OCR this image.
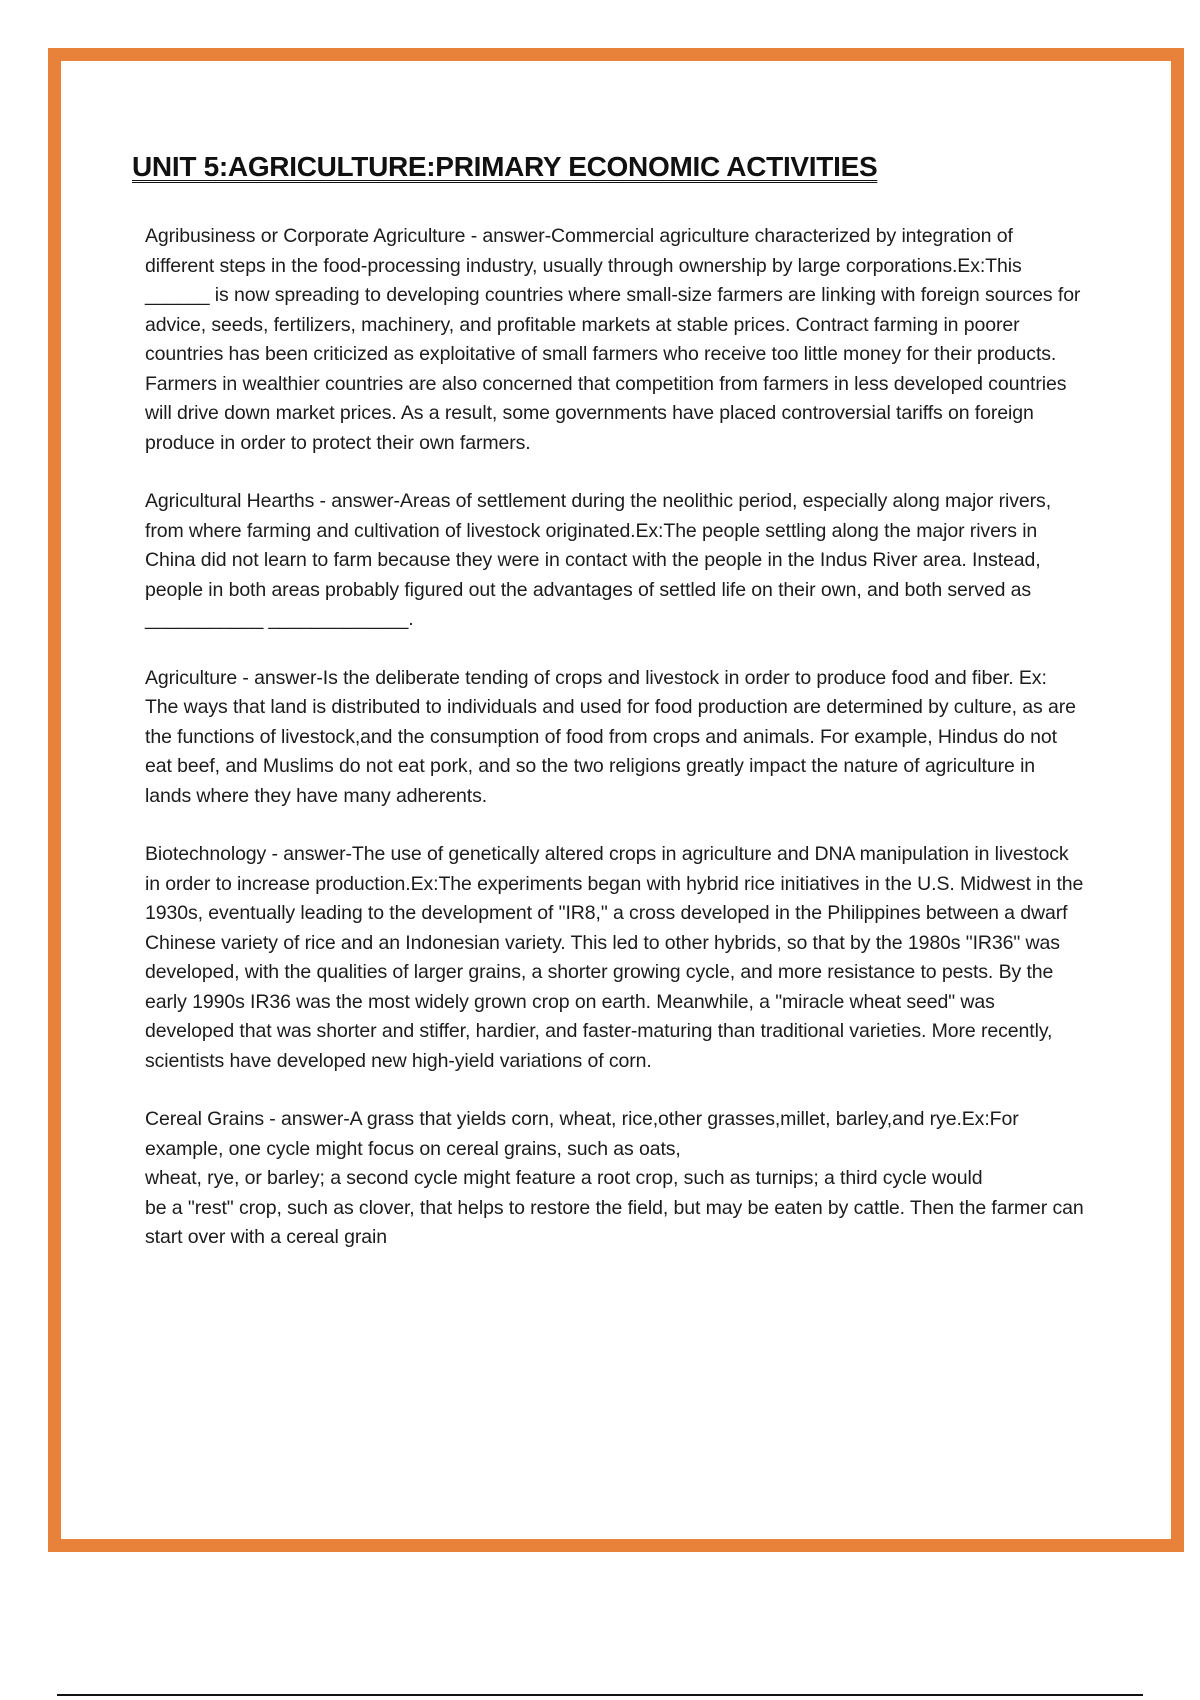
UNIT 5:AGRICULTURE:PRIMARY ECONOMIC ACTIVITIES

Agribusiness or Corporate Agriculture - answer-Commercial agriculture characterized by integration of different steps in the food-processing industry, usually through ownership by large corporations.Ex:This ______ is now spreading to developing countries where small-size farmers are linking with foreign sources for advice, seeds, fertilizers, machinery, and profitable markets at stable prices. Contract farming in poorer countries has been criticized as exploitative of small farmers who receive too little money for their products. Farmers in wealthier countries are also concerned that competition from farmers in less developed countries will drive down market prices. As a result, some governments have placed controversial tariffs on foreign produce in order to protect their own farmers.

Agricultural Hearths - answer-Areas of settlement during the neolithic period, especially along major rivers, from where farming and cultivation of livestock originated.Ex:The people settling along the major rivers in China did not learn to farm because they were in contact with the people in the Indus River area. Instead, people in both areas probably figured out the advantages of settled life on their own, and both served as ___________ _____________.

Agriculture - answer-Is the deliberate tending of crops and livestock in order to produce food and fiber. Ex: The ways that land is distributed to individuals and used for food production are determined by culture, as are the functions of livestock,and the consumption of food from crops and animals. For example, Hindus do not eat beef, and Muslims do not eat pork, and so the two religions greatly impact the nature of agriculture in lands where they have many adherents.

Biotechnology - answer-The use of genetically altered crops in agriculture and DNA manipulation in livestock in order to increase production.Ex:The experiments began with hybrid rice initiatives in the U.S. Midwest in the 1930s, eventually leading to the development of "IR8," a cross developed in the Philippines between a dwarf Chinese variety of rice and an Indonesian variety. This led to other hybrids, so that by the 1980s "IR36" was developed, with the qualities of larger grains, a shorter growing cycle, and more resistance to pests. By the early 1990s IR36 was the most widely grown crop on earth. Meanwhile, a "miracle wheat seed" was developed that was shorter and stiffer, hardier, and faster-maturing than traditional varieties. More recently, scientists have developed new high-yield variations of corn.

Cereal Grains - answer-A grass that yields corn, wheat, rice,other grasses,millet, barley,and rye.Ex:For example, one cycle might focus on cereal grains, such as oats,
wheat, rye, or barley; a second cycle might feature a root crop, such as turnips; a third cycle would
be a "rest" crop, such as clover, that helps to restore the field, but may be eaten by cattle. Then the farmer can start over with a cereal grain
